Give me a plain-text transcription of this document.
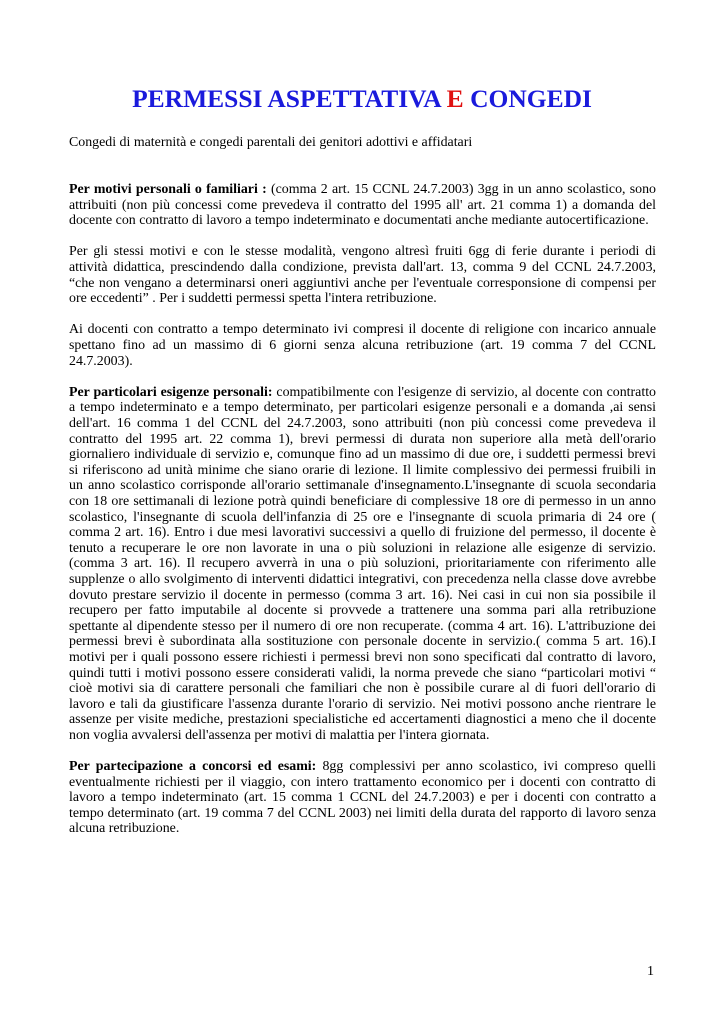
PERMESSI ASPETTATIVA E CONGEDI

Congedi di maternità e congedi parentali dei genitori adottivi e affidatari

Per motivi personali o familiari : (comma 2 art. 15 CCNL 24.7.2003) 3gg in un anno scolastico, sono attribuiti (non più concessi come prevedeva il contratto del 1995 all' art. 21 comma 1) a domanda del docente con contratto di lavoro a tempo indeterminato e documentati anche mediante autocertificazione.

Per gli stessi motivi e con le stesse modalità, vengono altresì fruiti 6gg di ferie durante i periodi di attività didattica, prescindendo dalla condizione, prevista dall'art. 13, comma 9 del CCNL 24.7.2003, “che non vengano a determinarsi oneri aggiuntivi anche per l'eventuale corresponsione di compensi per ore eccedenti” . Per i suddetti permessi spetta l'intera retribuzione.

Ai docenti con contratto a tempo determinato ivi compresi il docente di religione con incarico annuale spettano fino ad un massimo di 6 giorni senza alcuna retribuzione (art. 19 comma 7 del CCNL 24.7.2003).

Per particolari esigenze personali: compatibilmente con l'esigenze di servizio, al docente con contratto a tempo indeterminato e a tempo determinato, per particolari esigenze personali e a domanda ,ai sensi dell'art. 16 comma 1 del CCNL del 24.7.2003, sono attribuiti (non più concessi come prevedeva il contratto del 1995 art. 22 comma 1), brevi permessi di durata non superiore alla metà dell'orario giornaliero individuale di servizio e, comunque fino ad un massimo di due ore, i suddetti permessi brevi si riferiscono ad unità minime che siano orarie di lezione. Il limite complessivo dei permessi fruibili in un anno scolastico corrisponde all'orario settimanale d'insegnamento.L'insegnante di scuola secondaria con 18 ore settimanali di lezione potrà quindi beneficiare di complessive 18 ore di permesso in un anno scolastico, l'insegnante di scuola dell'infanzia di 25 ore e l'insegnante di scuola primaria di 24 ore ( comma 2 art. 16). Entro i due mesi lavorativi successivi a quello di fruizione del permesso, il docente è tenuto a recuperare le ore non lavorate in una o più soluzioni in relazione alle esigenze di servizio. (comma 3 art. 16). Il recupero avverrà in una o più soluzioni, prioritariamente con riferimento alle supplenze o allo svolgimento di interventi didattici integrativi, con precedenza nella classe dove avrebbe dovuto prestare servizio il docente in permesso (comma 3 art. 16). Nei casi in cui non sia possibile il recupero per fatto imputabile al docente si provvede a trattenere una somma pari alla retribuzione spettante al dipendente stesso per il numero di ore non recuperate. (comma 4 art. 16). L'attribuzione dei permessi brevi è subordinata alla sostituzione con personale docente in servizio.( comma 5 art. 16).I motivi per i quali possono essere richiesti i permessi brevi non sono specificati dal contratto di lavoro, quindi tutti i motivi possono essere considerati validi, la norma prevede che siano “particolari motivi “ cioè motivi sia di carattere personali che familiari che non è possibile curare al di fuori dell'orario di lavoro e tali da giustificare l'assenza durante l'orario di servizio. Nei motivi possono anche rientrare le assenze per visite mediche, prestazioni specialistiche ed accertamenti diagnostici a meno che il docente non voglia avvalersi dell'assenza per motivi di malattia per l'intera giornata.

Per partecipazione a concorsi ed esami: 8gg complessivi per anno scolastico, ivi compreso quelli eventualmente richiesti per il viaggio, con intero trattamento economico per i docenti con contratto di lavoro a tempo indeterminato (art. 15 comma 1 CCNL del 24.7.2003) e per i docenti con contratto a tempo determinato (art. 19 comma 7 del CCNL 2003) nei limiti della durata del rapporto di lavoro senza alcuna retribuzione.

1
